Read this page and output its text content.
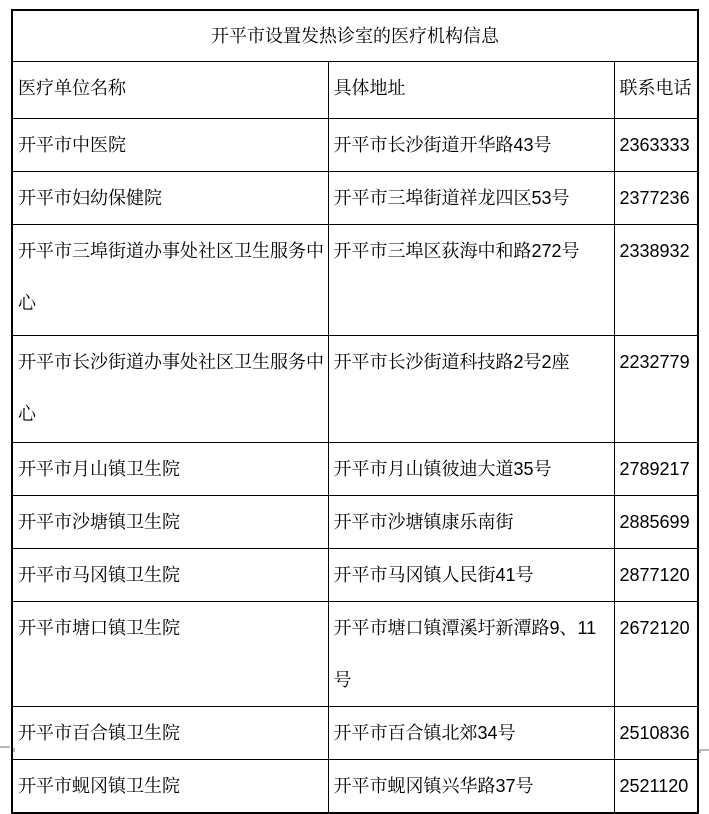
开平市设置发热诊室的医疗机构信息		
医疗单位名称	具体地址	联系电话
开平市中医院	开平市长沙街道开华路43号	2363333
开平市妇幼保健院	开平市三埠街道祥龙四区53号	2377236
开平市三埠街道办事处社区卫生服务中心	开平市三埠区荻海中和路272号	2338932
开平市长沙街道办事处社区卫生服务中心	开平市长沙街道科技路2号2座	2232779
开平市月山镇卫生院	开平市月山镇彼迪大道35号	2789217
开平市沙塘镇卫生院	开平市沙塘镇康乐南街	2885699
开平市马冈镇卫生院	开平市马冈镇人民街41号	2877120
开平市塘口镇卫生院	开平市塘口镇潭溪圩新潭路9、11号	2672120
开平市百合镇卫生院	开平市百合镇北郊34号	2510836
开平市蚬冈镇卫生院	开平市蚬冈镇兴华路37号	2521120
